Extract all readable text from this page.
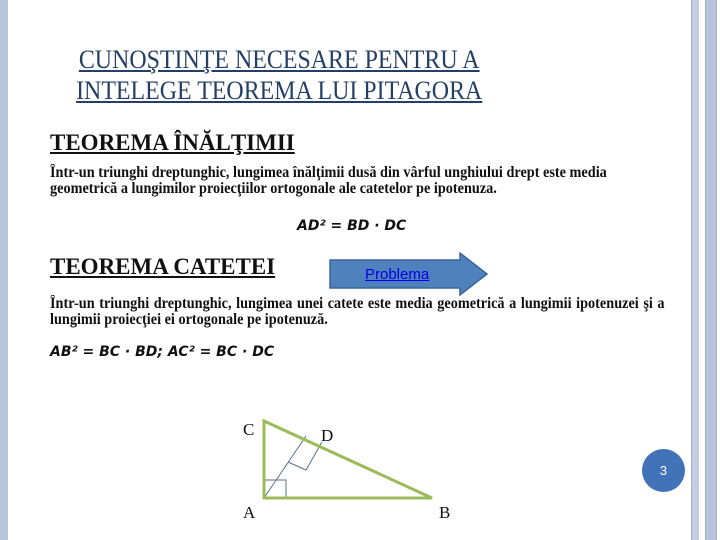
CUNOŞTINŢE NECESARE PENTRU A
INTELEGE TEOREMA LUI PITAGORA
TEOREMA ÎNĂLŢIMII
Într-un triunghi dreptunghic, lungimea înălţimii dusă din vârful unghiului drept este media geometrică a lungimilor proiecţiilor ortogonale ale catetelor pe ipotenuza.
AD² = BD · DC
TEOREMA CATETEI	Problema
Într-un triunghi dreptunghic, lungimea unei catete este media geometrică a lungimii ipotenuzei şi a lungimii proiecţiei ei ortogonale pe ipotenuză.
AB² = BC · BD; AC² = BC · DC
C	D
A	B
3
